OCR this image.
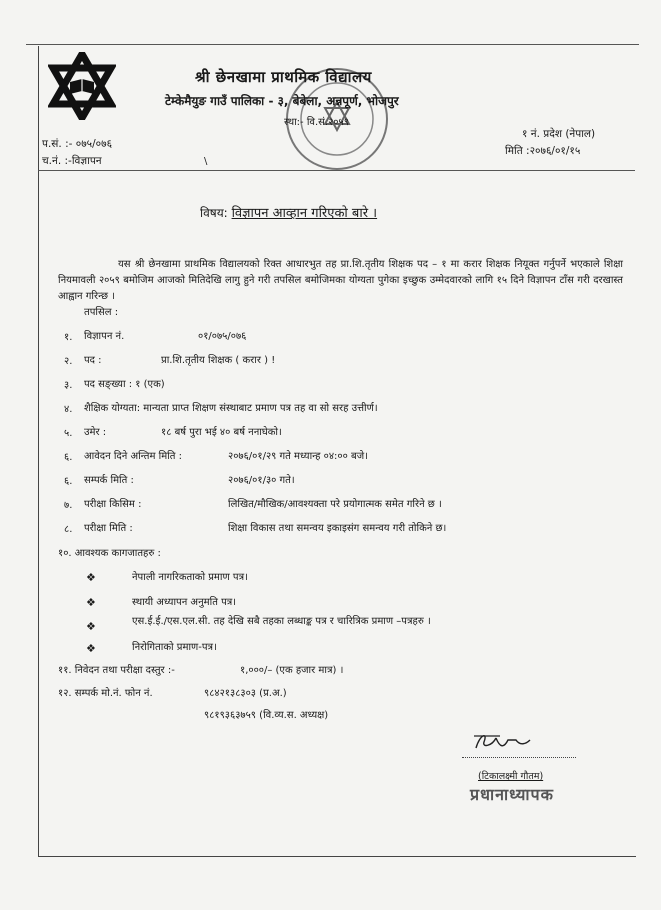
श्री छेनखामा प्राथमिक विद्यालय
टेम्केमैयुङ गाउँ पालिका - ३, बेबेला, अन्नपूर्ण, भोजपुर
स्था:- वि.सं.२०५९
प.सं. :- ०७५/०७६
च.नं. :-विज्ञापन	\
१ नं. प्रदेश (नेपाल)
मिति :२०७६/०१/१५
विषय: विज्ञापन आव्हान गरिएको बारे ।
यस श्री छेनखामा प्राथमिक विद्यालयको रिक्त आधारभुत तह प्रा.शि.तृतीय शिक्षक पद – १ मा करार शिक्षक नियूक्त गर्नुपर्ने भएकाले शिक्षा नियमावली २०५९ बमोजिम आजको मितिदेखि लागु हुने गरी तपसिल बमोजिमका योग्यता पुगेका इच्छुक उम्मेदवारको लागि १५ दिने विज्ञापन टाँस गरी दरखास्त आह्वान गरिन्छ ।
तपसिल :
१. विज्ञापन नं.	०१/०७५/०७६
२. पद :	प्रा.शि.तृतीय शिक्षक ( करार ) !
३. पद सङ्ख्या : १ (एक)
४. शैक्षिक योग्यता: मान्यता प्राप्त शिक्षण संस्थाबाट प्रमाण पत्र तह वा सो सरह उत्तीर्ण।
५. उमेर :	१८ बर्ष पुरा भई ४० बर्ष ननाघेको।
६. आवेदन दिने अन्तिम मिति :	२०७६/०१/२९ गते मध्यान्ह ०४:०० बजे।
६. सम्पर्क मिति :	२०७६/०१/३० गते।
७. परीक्षा किसिम :	लिखित/मौखिक/आवश्यक्ता परे प्रयोगात्मक समेत गरिने छ ।
८. परीक्षा मिति :	शिक्षा विकास तथा समन्वय इकाइसंग समन्वय गरी तोकिने छ।
१०. आवश्यक कागजातहरु :
❖	नेपाली नागरिकताको प्रमाण पत्र।
❖	स्थायी अध्यापन अनुमति पत्र।
❖	एस.ई.ई./एस.एल.सी. तह देखि सबै तहका लब्धाङ्क पत्र र चारित्रिक प्रमाण –पत्रहरु ।
❖	निरोगिताको प्रमाण-पत्र।
११. निवेदन तथा परीक्षा दस्तुर :-	१,०००/– (एक हजार मात्र) ।
१२. सम्पर्क मो.नं. फोन नं.	९८४२१३८३०३ (प्र.अ.)
९८१९३६३७५९ (वि.व्य.स. अध्यक्ष)
(टिकालक्ष्मी गौतम)
प्रधानाध्यापक
